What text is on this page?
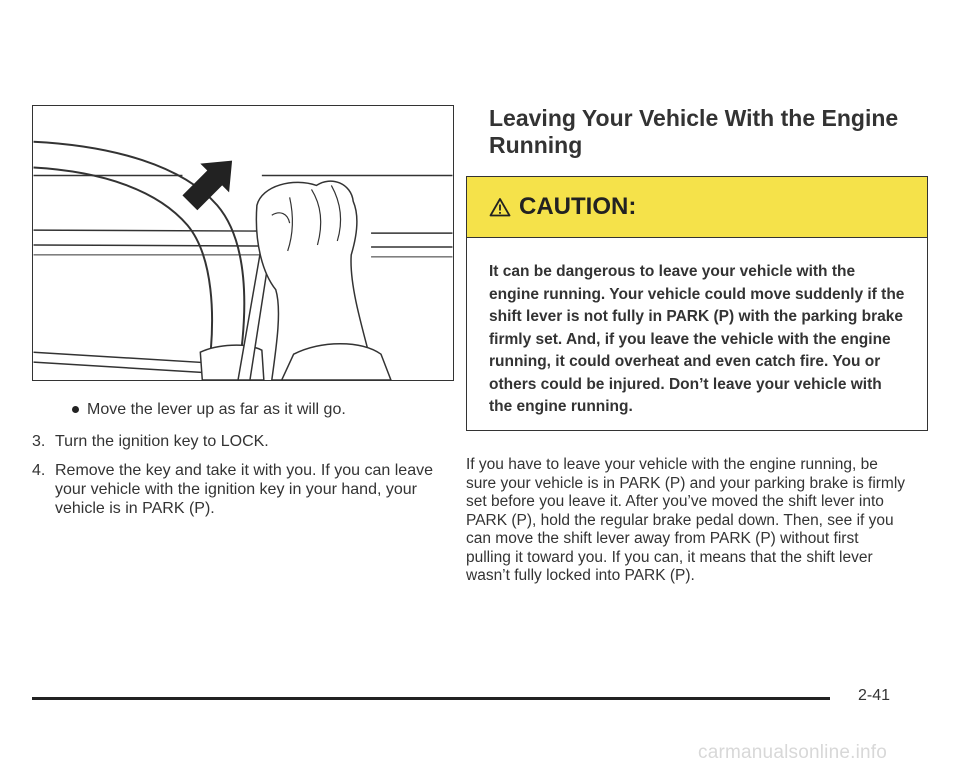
Move the lever up as far as it will go.
3. Turn the ignition key to LOCK.
4. Remove the key and take it with you. If you can leave your vehicle with the ignition key in your hand, your vehicle is in PARK (P).
Leaving Your Vehicle With the Engine Running
CAUTION:
It can be dangerous to leave your vehicle with the engine running. Your vehicle could move suddenly if the shift lever is not fully in PARK (P) with the parking brake firmly set. And, if you leave the vehicle with the engine running, it could overheat and even catch fire. You or others could be injured. Don’t leave your vehicle with the engine running.
If you have to leave your vehicle with the engine running, be sure your vehicle is in PARK (P) and your parking brake is firmly set before you leave it. After you’ve moved the shift lever into PARK (P), hold the regular brake pedal down. Then, see if you can move the shift lever away from PARK (P) without first pulling it toward you. If you can, it means that the shift lever wasn’t fully locked into PARK (P).
2-41
carmanualsonline.info
